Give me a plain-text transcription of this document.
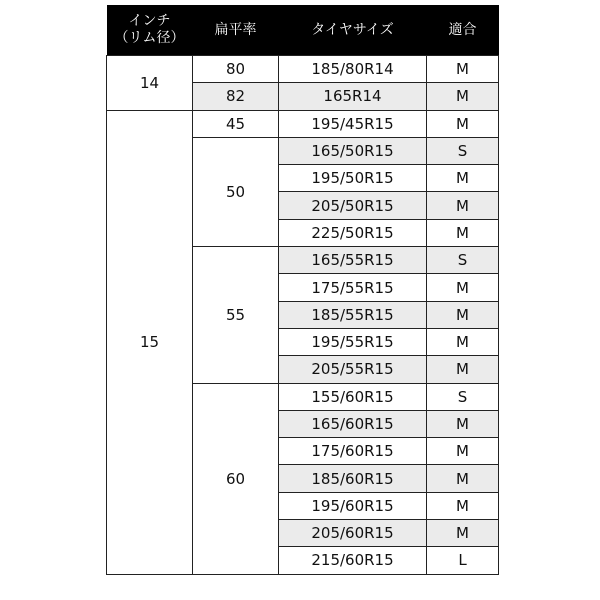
インチ
（リム径）	扁平率	タイヤサイズ	適合
14	80	185/80R14	M
	82	165R14	M
15	45	195/45R15	M
	50	165/50R15	S
		195/50R15	M
		205/50R15	M
		225/50R15	M
	55	165/55R15	S
		175/55R15	M
		185/55R15	M
		195/55R15	M
		205/55R15	M
	60	155/60R15	S
		165/60R15	M
		175/60R15	M
		185/60R15	M
		195/60R15	M
		205/60R15	M
		215/60R15	L
